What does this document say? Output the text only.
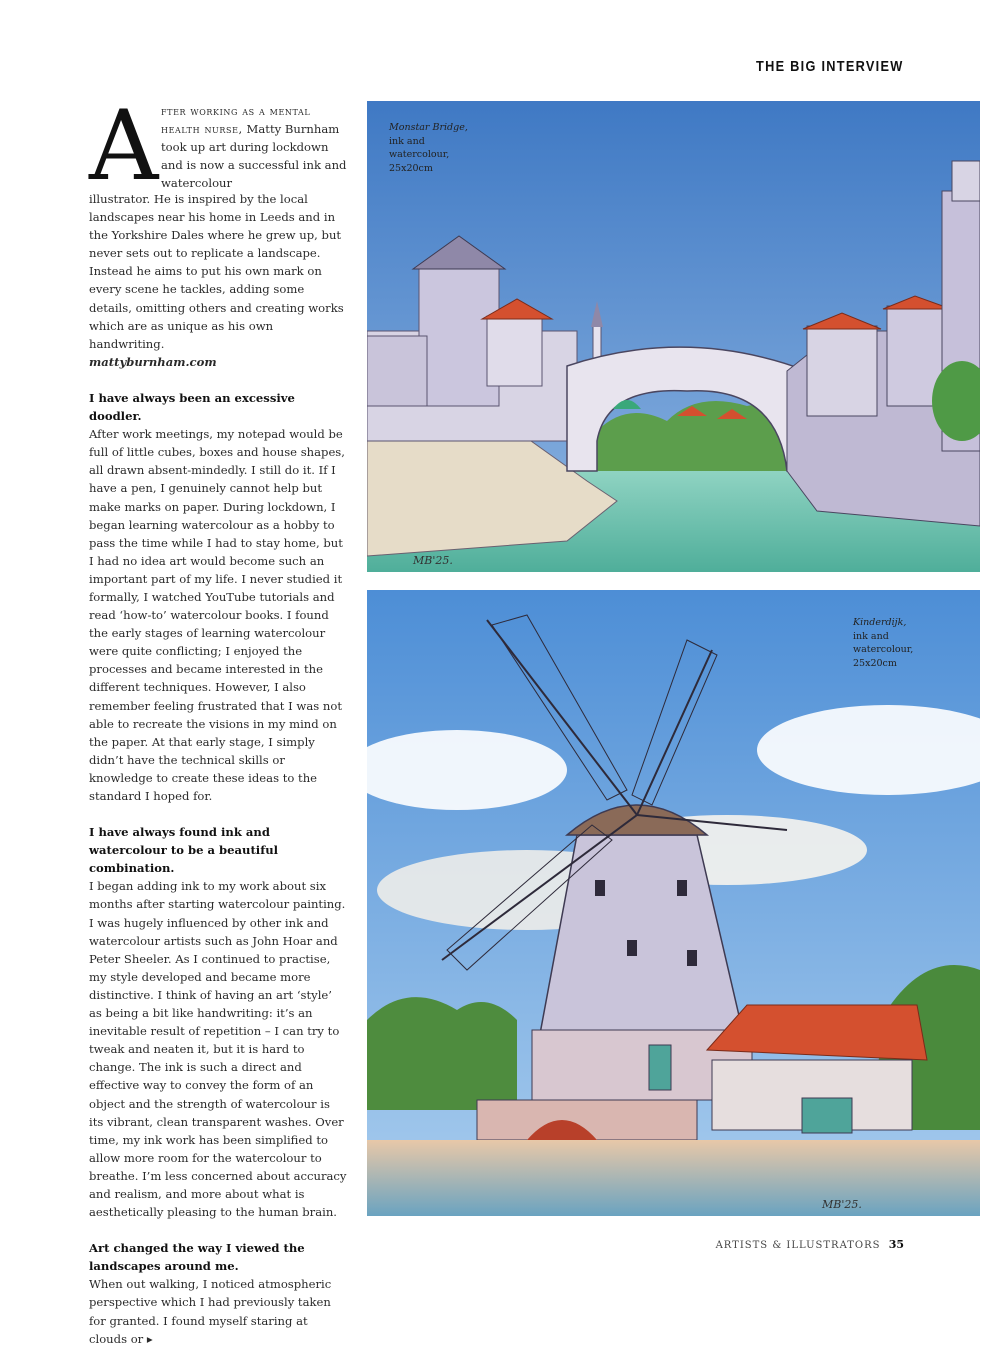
THE BIG INTERVIEW
A fter working as a mental health nurse, Matty Burnham took up art during lockdown and is now a successful ink and watercolour

illustrator. He is inspired by the local landscapes near his home in Leeds and in the Yorkshire Dales where he grew up, but never sets out to replicate a landscape. Instead he aims to put his own mark on every scene he tackles, adding some details, omitting others and creating works which are as unique as his own handwriting.

mattyburnham.com

I have always been an excessive doodler.

After work meetings, my notepad would be full of little cubes, boxes and house shapes, all drawn absent-mindedly. I still do it. If I have a pen, I genuinely cannot help but make marks on paper. During lockdown, I began learning watercolour as a hobby to pass the time while I had to stay home, but I had no idea art would become such an important part of my life. I never studied it formally, I watched YouTube tutorials and read ‘how-to’ watercolour books. I found the early stages of learning watercolour were quite conflicting; I enjoyed the processes and became interested in the different techniques. However, I also remember feeling frustrated that I was not able to recreate the visions in my mind on the paper. At that early stage, I simply didn’t have the technical skills or knowledge to create these ideas to the standard I hoped for.

I have always found ink and watercolour to be a beautiful combination.

I began adding ink to my work about six months after starting watercolour painting. I was hugely influenced by other ink and watercolour artists such as John Hoar and Peter Sheeler. As I continued to practise, my style developed and became more distinctive. I think of having an art ‘style’ as being a bit like handwriting: it’s an inevitable result of repetition – I can try to tweak and neaten it, but it is hard to change. The ink is such a direct and effective way to convey the form of an object and the strength of watercolour is its vibrant, clean transparent washes. Over time, my ink work has been simplified to allow more room for the watercolour to breathe. I’m less concerned about accuracy and realism, and more about what is aesthetically pleasing to the human brain.

Art changed the way I viewed the landscapes around me.

When out walking, I noticed atmospheric perspective which I had previously taken for granted. I found myself staring at clouds or ▸

MB'25.
Monstar Bridge,
ink and watercolour,
25x20cm
MB'25.
Kinderdijk,
ink and watercolour,
25x20cm
ARTISTS & ILLUSTRATORS 35
